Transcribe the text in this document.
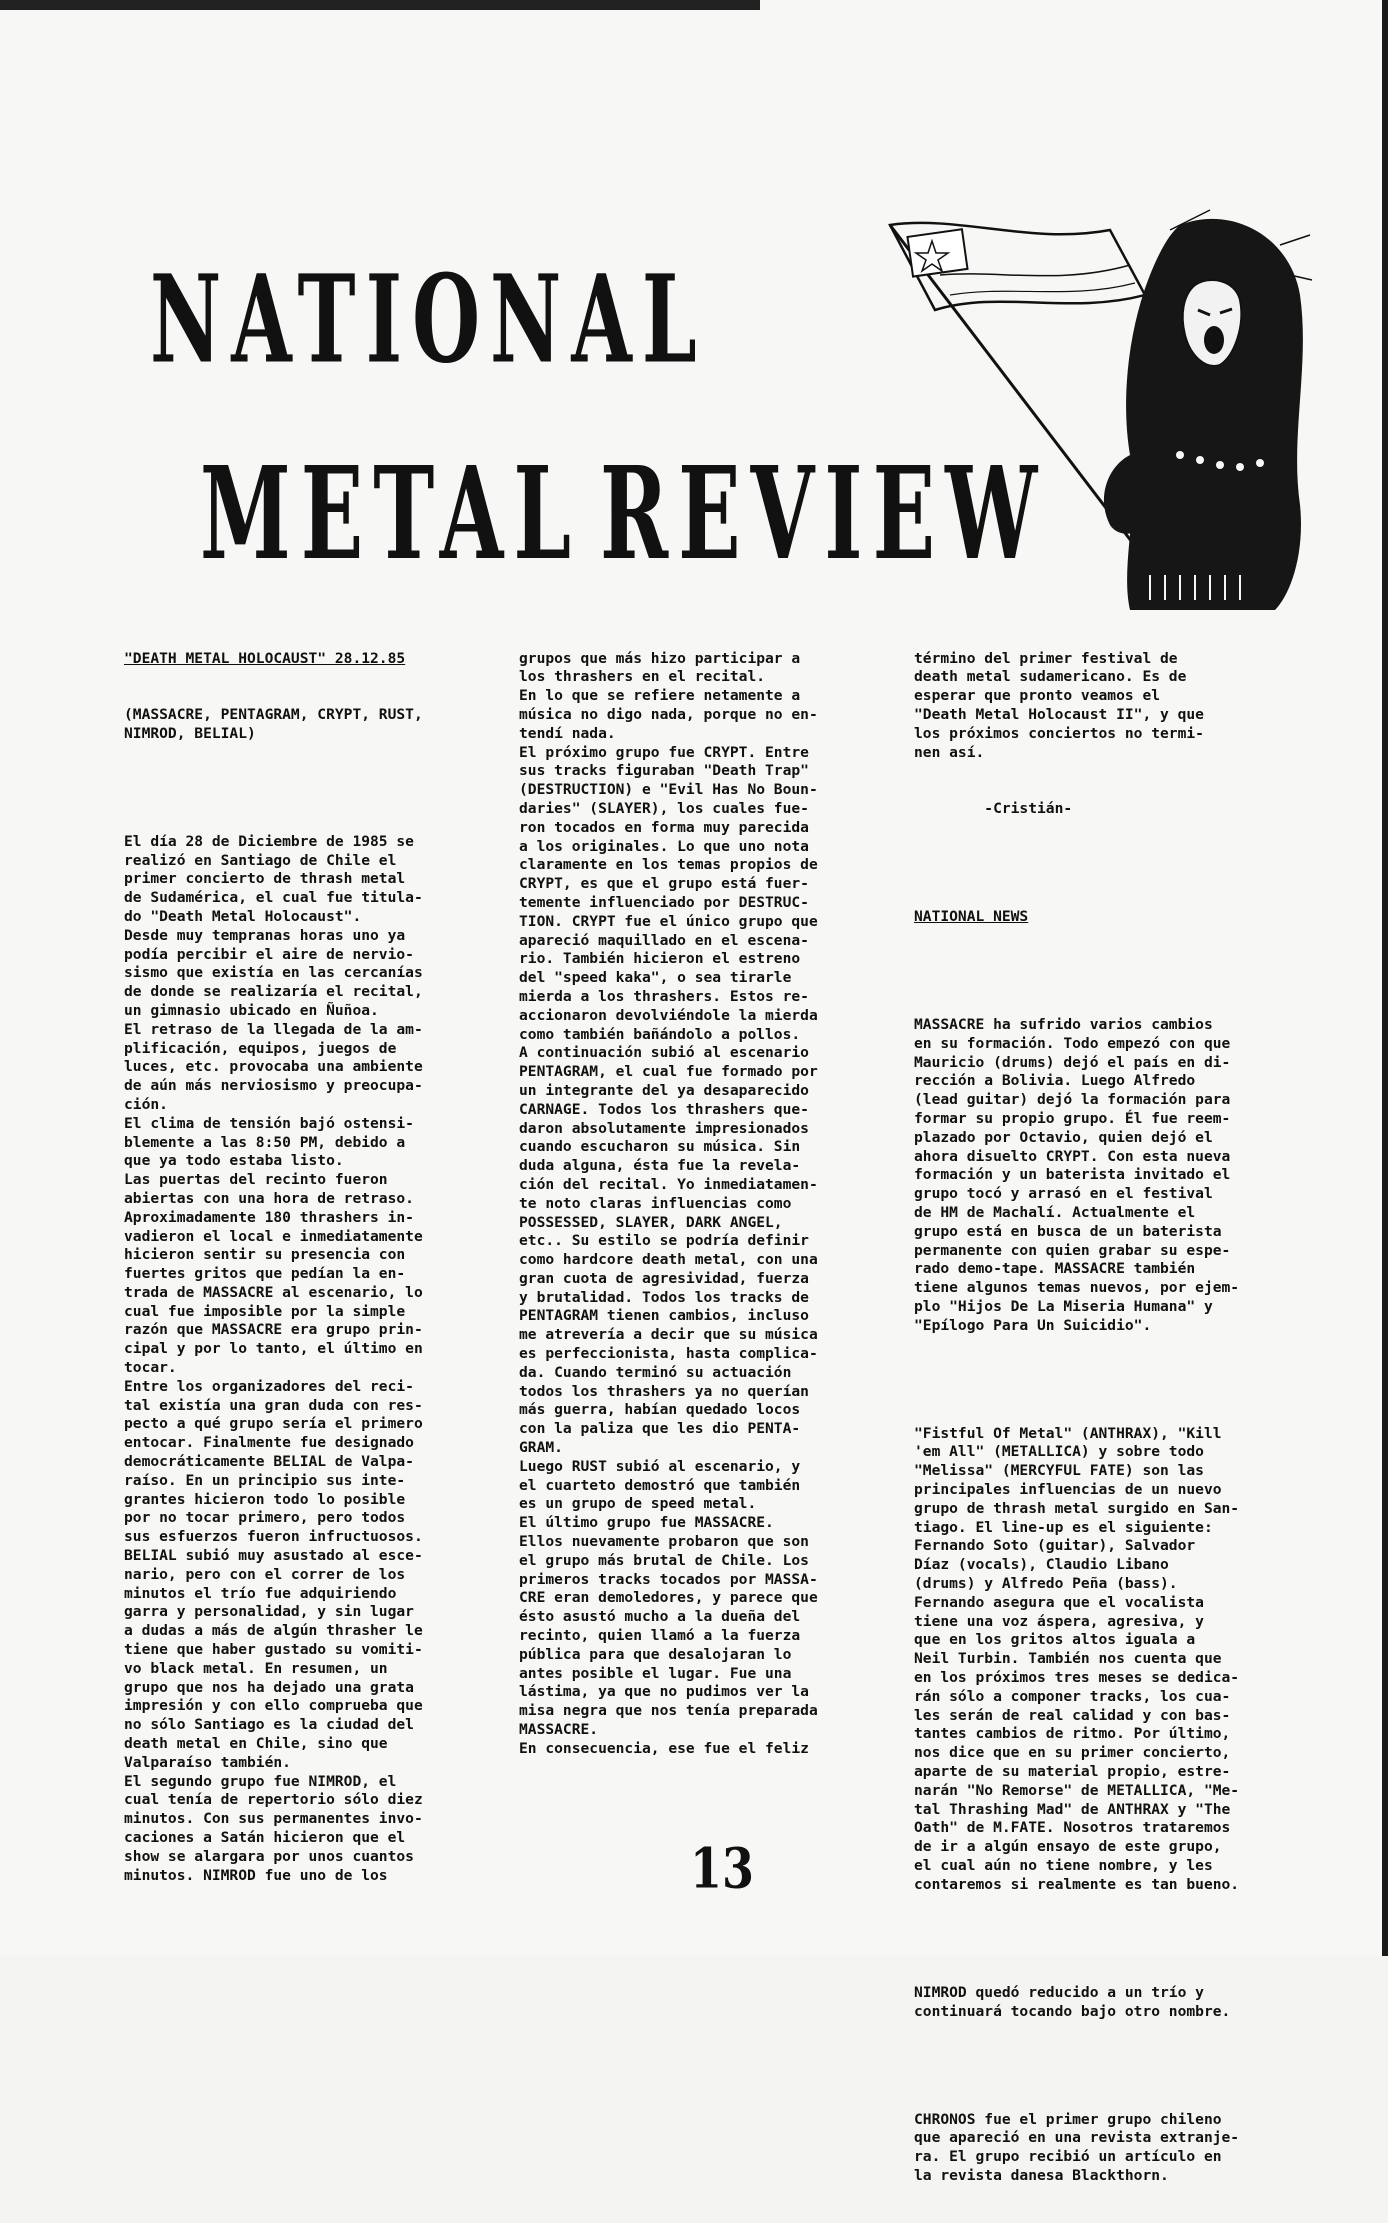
NATIONAL

METAL REVIEW

"DEATH METAL HOLOCAUST" 28.12.85

(MASSACRE, PENTAGRAM, CRYPT, RUST,
NIMROD, BELIAL)

El día 28 de Diciembre de 1985 se
realizó en Santiago de Chile el
primer concierto de thrash metal
de Sudamérica, el cual fue titula-
do "Death Metal Holocaust".
Desde muy tempranas horas uno ya
podía percibir el aire de nervio-
sismo que existía en las cercanías
de donde se realizaría el recital,
un gimnasio ubicado en Ñuñoa.
El retraso de la llegada de la am-
plificación, equipos, juegos de
luces, etc. provocaba una ambiente
de aún más nerviosismo y preocupa-
ción.
El clima de tensión bajó ostensi-
blemente a las 8:50 PM, debido a
que ya todo estaba listo.
Las puertas del recinto fueron
abiertas con una hora de retraso.
Aproximadamente 180 thrashers in-
vadieron el local e inmediatamente
hicieron sentir su presencia con
fuertes gritos que pedían la en-
trada de MASSACRE al escenario, lo
cual fue imposible por la simple
razón que MASSACRE era grupo prin-
cipal y por lo tanto, el último en
tocar.
Entre los organizadores del reci-
tal existía una gran duda con res-
pecto a qué grupo sería el primero
entocar. Finalmente fue designado
democráticamente BELIAL de Valpa-
raíso. En un principio sus inte-
grantes hicieron todo lo posible
por no tocar primero, pero todos
sus esfuerzos fueron infructuosos.
BELIAL subió muy asustado al esce-
nario, pero con el correr de los
minutos el trío fue adquiriendo
garra y personalidad, y sin lugar
a dudas a más de algún thrasher le
tiene que haber gustado su vomiti-
vo black metal. En resumen, un
grupo que nos ha dejado una grata
impresión y con ello comprueba que
no sólo Santiago es la ciudad del
death metal en Chile, sino que
Valparaíso también.
El segundo grupo fue NIMROD, el
cual tenía de repertorio sólo diez
minutos. Con sus permanentes invo-
caciones a Satán hicieron que el
show se alargara por unos cuantos
minutos. NIMROD fue uno de los

grupos que más hizo participar a
los thrashers en el recital.
En lo que se refiere netamente a
música no digo nada, porque no en-
tendí nada.
El próximo grupo fue CRYPT. Entre
sus tracks figuraban "Death Trap"
(DESTRUCTION) e "Evil Has No Boun-
daries" (SLAYER), los cuales fue-
ron tocados en forma muy parecida
a los originales. Lo que uno nota
claramente en los temas propios de
CRYPT, es que el grupo está fuer-
temente influenciado por DESTRUC-
TION. CRYPT fue el único grupo que
apareció maquillado en el escena-
rio. También hicieron el estreno
del "speed kaka", o sea tirarle
mierda a los thrashers. Estos re-
accionaron devolviéndole la mierda
como también bañándolo a pollos.
A continuación subió al escenario
PENTAGRAM, el cual fue formado por
un integrante del ya desaparecido
CARNAGE. Todos los thrashers que-
daron absolutamente impresionados
cuando escucharon su música. Sin
duda alguna, ésta fue la revela-
ción del recital. Yo inmediatamen-
te noto claras influencias como
POSSESSED, SLAYER, DARK ANGEL,
etc.. Su estilo se podría definir
como hardcore death metal, con una
gran cuota de agresividad, fuerza
y brutalidad. Todos los tracks de
PENTAGRAM tienen cambios, incluso
me atrevería a decir que su música
es perfeccionista, hasta complica-
da. Cuando terminó su actuación
todos los thrashers ya no querían
más guerra, habían quedado locos
con la paliza que les dio PENTA-
GRAM.
Luego RUST subió al escenario, y
el cuarteto demostró que también
es un grupo de speed metal.
El último grupo fue MASSACRE.
Ellos nuevamente probaron que son
el grupo más brutal de Chile. Los
primeros tracks tocados por MASSA-
CRE eran demoledores, y parece que
ésto asustó mucho a la dueña del
recinto, quien llamó a la fuerza
pública para que desalojaran lo
antes posible el lugar. Fue una
lástima, ya que no pudimos ver la
misa negra que nos tenía preparada
MASSACRE.
En consecuencia, ese fue el feliz

término del primer festival de
death metal sudamericano. Es de
esperar que pronto veamos el
"Death Metal Holocaust II", y que
los próximos conciertos no termi-
nen así.

-Cristián-

NATIONAL NEWS

MASSACRE ha sufrido varios cambios
en su formación. Todo empezó con que
Mauricio (drums) dejó el país en di-
rección a Bolivia. Luego Alfredo
(lead guitar) dejó la formación para
formar su propio grupo. Él fue reem-
plazado por Octavio, quien dejó el
ahora disuelto CRYPT. Con esta nueva
formación y un baterista invitado el
grupo tocó y arrasó en el festival
de HM de Machalí. Actualmente el
grupo está en busca de un baterista
permanente con quien grabar su espe-
rado demo-tape. MASSACRE también
tiene algunos temas nuevos, por ejem-
plo "Hijos De La Miseria Humana" y
"Epílogo Para Un Suicidio".

"Fistful Of Metal" (ANTHRAX), "Kill
'em All" (METALLICA) y sobre todo
"Melissa" (MERCYFUL FATE) son las
principales influencias de un nuevo
grupo de thrash metal surgido en San-
tiago. El line-up es el siguiente:
Fernando Soto (guitar), Salvador
Díaz (vocals), Claudio Libano
(drums) y Alfredo Peña (bass).
Fernando asegura que el vocalista
tiene una voz áspera, agresiva, y
que en los gritos altos iguala a
Neil Turbin. También nos cuenta que
en los próximos tres meses se dedica-
rán sólo a componer tracks, los cua-
les serán de real calidad y con bas-
tantes cambios de ritmo. Por último,
nos dice que en su primer concierto,
aparte de su material propio, estre-
narán "No Remorse" de METALLICA, "Me-
tal Thrashing Mad" de ANTHRAX y "The
Oath" de M.FATE. Nosotros trataremos
de ir a algún ensayo de este grupo,
el cual aún no tiene nombre, y les
contaremos si realmente es tan bueno.

NIMROD quedó reducido a un trío y
continuará tocando bajo otro nombre.

CHRONOS fue el primer grupo chileno
que apareció en una revista extranje-
ra. El grupo recibió un artículo en
la revista danesa Blackthorn.

13
